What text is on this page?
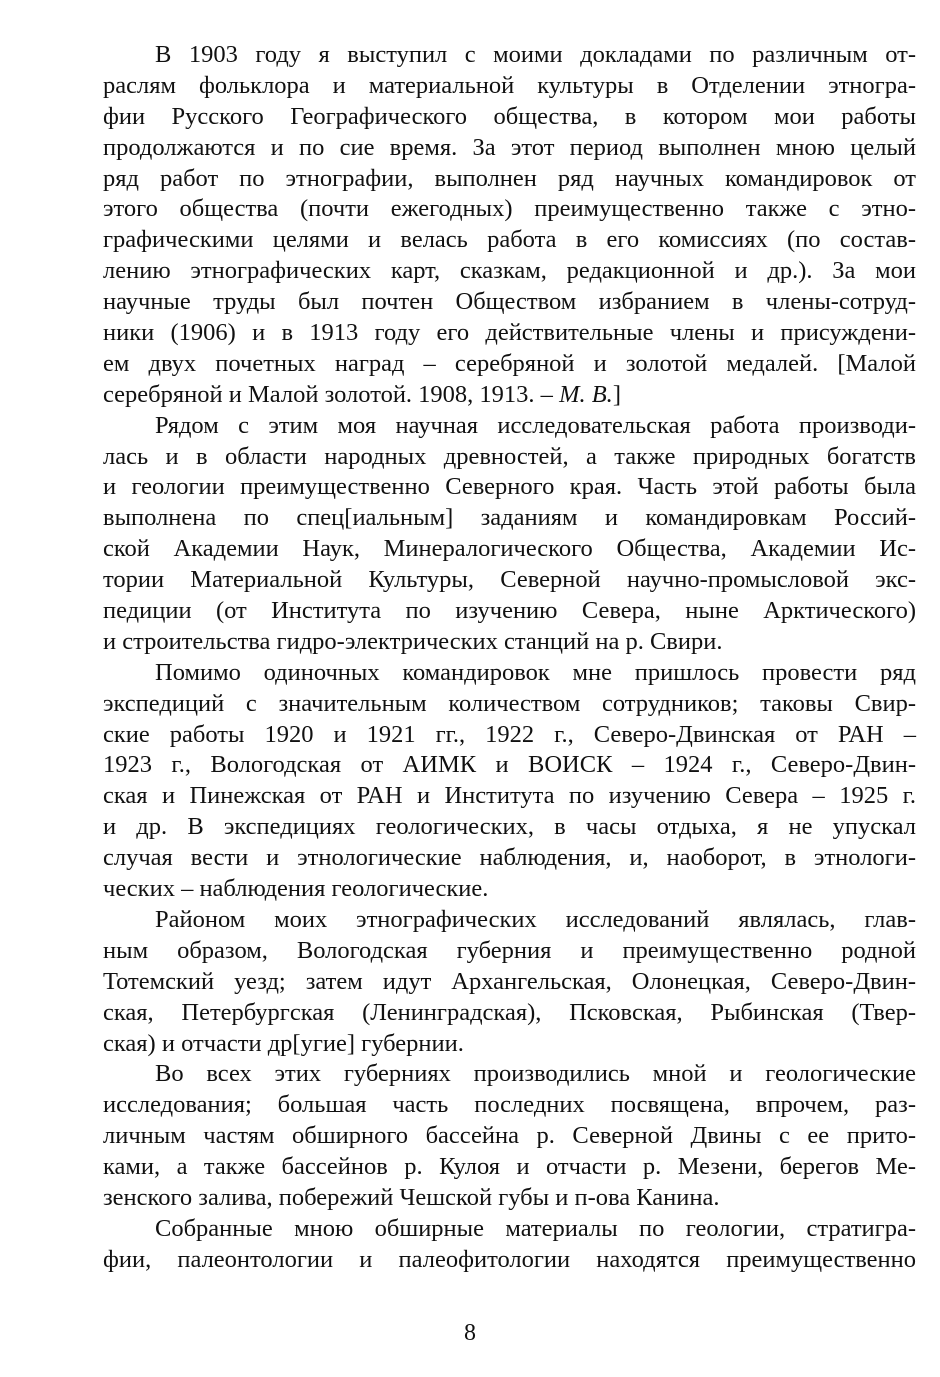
В 1903 году я выступил с моими докладами по различным от-
раслям фольклора и материальной культуры в Отделении этногра-
фии Русского Географического общества, в котором мои работы
продолжаются и по сие время. За этот период выполнен мною целый
ряд работ по этнографии, выполнен ряд научных командировок от
этого общества (почти ежегодных) преимущественно также с этно-
графическими целями и велась работа в его комиссиях (по состав-
лению этнографических карт, сказкам, редакционной и др.). За мои
научные труды был почтен Обществом избранием в члены-сотруд-
ники (1906) и в 1913 году его действительные члены и присуждени-
ем двух почетных наград – серебряной и золотой медалей. [Малой
серебряной и Малой золотой. 1908, 1913. – М. В.]
Рядом с этим моя научная исследовательская работа производи-
лась и в области народных древностей, а также природных богатств
и геологии преимущественно Северного края. Часть этой работы была
выполнена по спец[иальным] заданиям и командировкам Россий-
ской Академии Наук, Минералогического Общества, Академии Ис-
тории Материальной Культуры, Северной научно-промысловой экс-
педиции (от Института по изучению Севера, ныне Арктического)
и строительства гидро-электрических станций на р. Свири.
Помимо одиночных командировок мне пришлось провести ряд
экспедиций с значительным количеством сотрудников; таковы Свир-
ские работы 1920 и 1921 гг., 1922 г., Северо-Двинская от РАН –
1923 г., Вологодская от АИМК и ВОИСК – 1924 г., Северо-Двин-
ская и Пинежская от РАН и Института по изучению Севера – 1925 г.
и др. В экспедициях геологических, в часы отдыха, я не упускал
случая вести и этнологические наблюдения, и, наоборот, в этнологи-
ческих – наблюдения геологические.
Районом моих этнографических исследований являлась, глав-
ным образом, Вологодская губерния и преимущественно родной
Тотемский уезд; затем идут Архангельская, Олонецкая, Северо-Двин-
ская, Петербургская (Ленинградская), Псковская, Рыбинская (Твер-
ская) и отчасти др[угие] губернии.
Во всех этих губерниях производились мной и геологические
исследования; большая часть последних посвящена, впрочем, раз-
личным частям обширного бассейна р. Северной Двины с ее прито-
ками, а также бассейнов р. Кулоя и отчасти р. Мезени, берегов Ме-
зенского залива, побережий Чешской губы и п-ова Канина.
Собранные мною обширные материалы по геологии, стратигра-
фии, палеонтологии и палеофитологии находятся преимущественно
8
